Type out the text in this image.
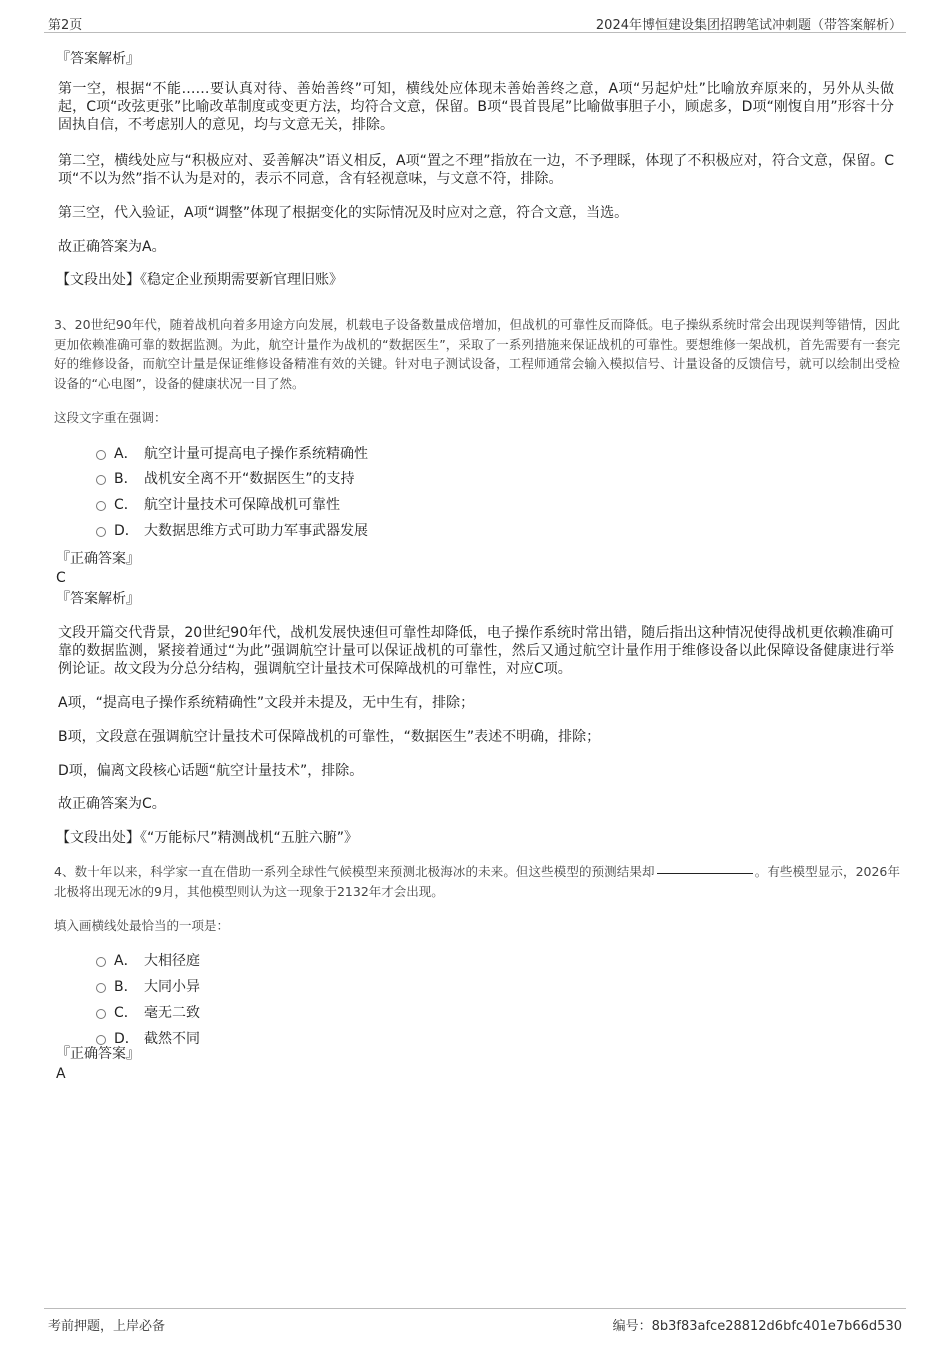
第2页	2024年博恒建设集团招聘笔试冲刺题（带答案解析）
『答案解析』
第一空，根据“不能……要认真对待、善始善终”可知，横线处应体现未善始善终之意，A项“另起炉灶”比喻放弃原来的，另外从头做起，C项“改弦更张”比喻改革制度或变更方法，均符合文意，保留。B项“畏首畏尾”比喻做事胆子小，顾虑多，D项“刚愎自用”形容十分固执自信，不考虑别人的意见，均与文意无关，排除。
第二空，横线处应与“积极应对、妥善解决”语义相反，A项“置之不理”指放在一边，不予理睬，体现了不积极应对，符合文意，保留。C项“不以为然”指不认为是对的，表示不同意，含有轻视意味，与文意不符，排除。
第三空，代入验证，A项“调整”体现了根据变化的实际情况及时应对之意，符合文意，当选。
故正确答案为A。
【文段出处】《稳定企业预期需要新官理旧账》
3、20世纪90年代，随着战机向着多用途方向发展，机载电子设备数量成倍增加，但战机的可靠性反而降低。电子操纵系统时常会出现误判等错情，因此更加依赖准确可靠的数据监测。为此，航空计量作为战机的“数据医生”，采取了一系列措施来保证战机的可靠性。要想维修一架战机，首先需要有一套完好的维修设备，而航空计量是保证维修设备精准有效的关键。针对电子测试设备，工程师通常会输入模拟信号、计量设备的反馈信号，就可以绘制出受检设备的“心电图”，设备的健康状况一目了然。
这段文字重在强调：
A． 航空计量可提高电子操作系统精确性
B． 战机安全离不开“数据医生”的支持
C． 航空计量技术可保障战机可靠性
D． 大数据思维方式可助力军事武器发展
『正确答案』
C
『答案解析』
文段开篇交代背景，20世纪90年代，战机发展快速但可靠性却降低，电子操作系统时常出错，随后指出这种情况使得战机更依赖准确可靠的数据监测，紧接着通过“为此”强调航空计量可以保证战机的可靠性，然后又通过航空计量作用于维修设备以此保障设备健康进行举例论证。故文段为分总分结构，强调航空计量技术可保障战机的可靠性，对应C项。
A项，“提高电子操作系统精确性”文段并未提及，无中生有，排除；
B项，文段意在强调航空计量技术可保障战机的可靠性，“数据医生”表述不明确，排除；
D项，偏离文段核心话题“航空计量技术”，排除。
故正确答案为C。
【文段出处】《“万能标尺”精测战机“五脏六腑”》
4、数十年以来，科学家一直在借助一系列全球性气候模型来预测北极海冰的未来。但这些模型的预测结果却	。有些模型显示，2026年北极将出现无冰的9月，其他模型则认为这一现象于2132年才会出现。
填入画横线处最恰当的一项是：
A． 大相径庭
B． 大同小异
C． 毫无二致
D． 截然不同
『正确答案』
A
考前押题，上岸必备	编号：8b3f83afce28812d6bfc401e7b66d530
